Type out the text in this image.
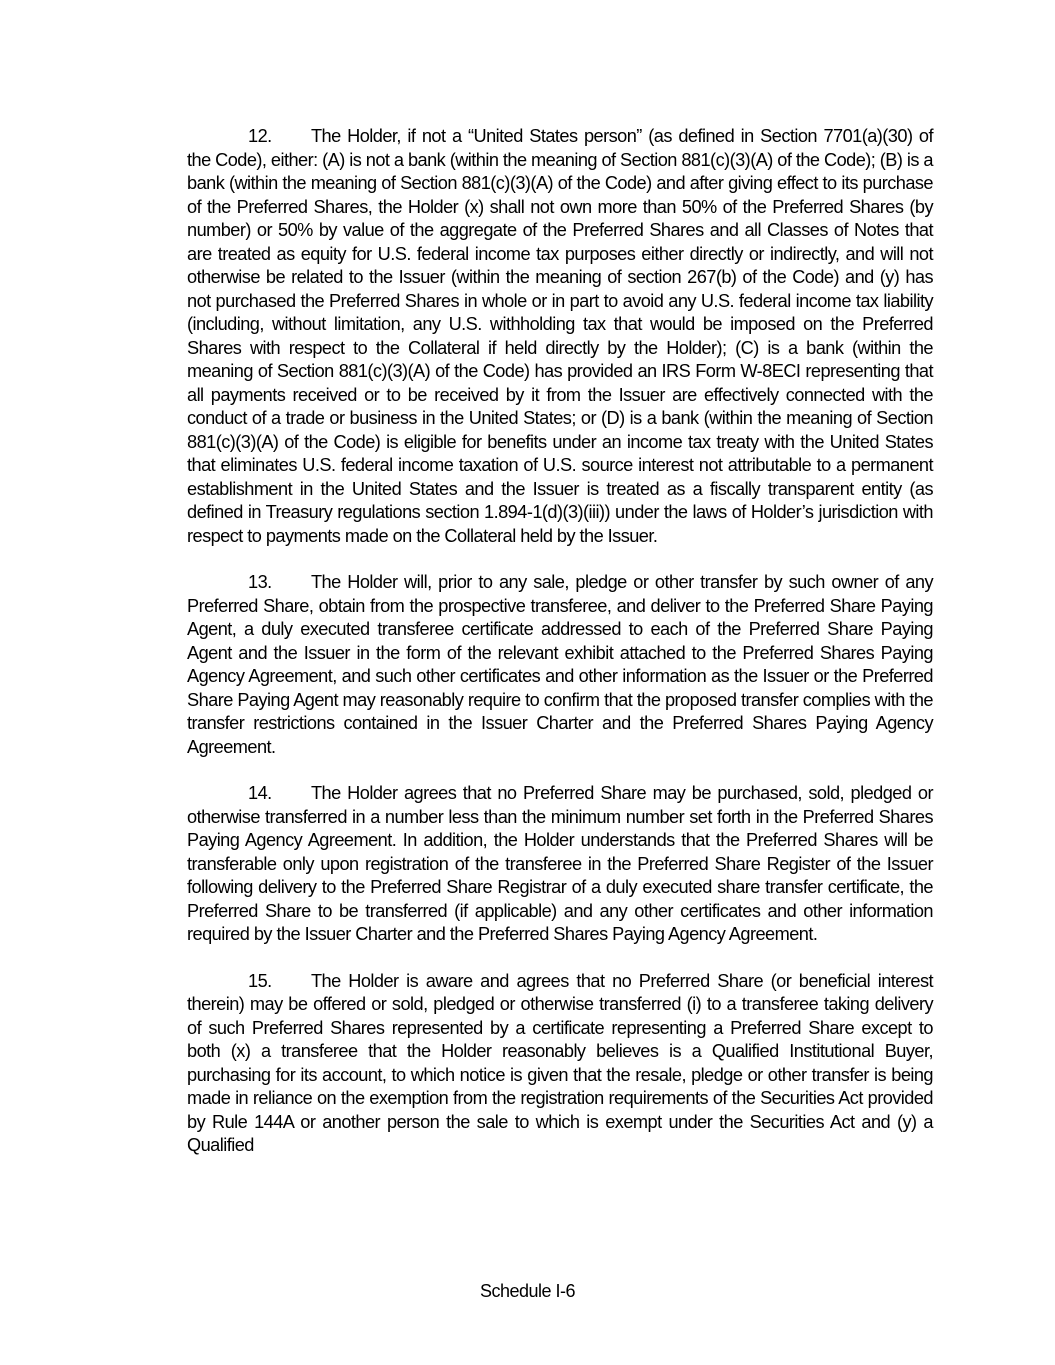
12. The Holder, if not a “United States person” (as defined in Section 7701(a)(30) of the Code), either: (A) is not a bank (within the meaning of Section 881(c)(3)(A) of the Code); (B) is a bank (within the meaning of Section 881(c)(3)(A) of the Code) and after giving effect to its purchase of the Preferred Shares, the Holder (x) shall not own more than 50% of the Preferred Shares (by number) or 50% by value of the aggregate of the Preferred Shares and all Classes of Notes that are treated as equity for U.S. federal income tax purposes either directly or indirectly, and will not otherwise be related to the Issuer (within the meaning of section 267(b) of the Code) and (y) has not purchased the Preferred Shares in whole or in part to avoid any U.S. federal income tax liability (including, without limitation, any U.S. withholding tax that would be imposed on the Preferred Shares with respect to the Collateral if held directly by the Holder); (C) is a bank (within the meaning of Section 881(c)(3)(A) of the Code) has provided an IRS Form W-8ECI representing that all payments received or to be received by it from the Issuer are effectively connected with the conduct of a trade or business in the United States; or (D) is a bank (within the meaning of Section 881(c)(3)(A) of the Code) is eligible for benefits under an income tax treaty with the United States that eliminates U.S. federal income taxation of U.S. source interest not attributable to a permanent establishment in the United States and the Issuer is treated as a fiscally transparent entity (as defined in Treasury regulations section 1.894-1(d)(3)(iii)) under the laws of Holder’s jurisdiction with respect to payments made on the Collateral held by the Issuer.

13. The Holder will, prior to any sale, pledge or other transfer by such owner of any Preferred Share, obtain from the prospective transferee, and deliver to the Preferred Share Paying Agent, a duly executed transferee certificate addressed to each of the Preferred Share Paying Agent and the Issuer in the form of the relevant exhibit attached to the Preferred Shares Paying Agency Agreement, and such other certificates and other information as the Issuer or the Preferred Share Paying Agent may reasonably require to confirm that the proposed transfer complies with the transfer restrictions contained in the Issuer Charter and the Preferred Shares Paying Agency Agreement.

14. The Holder agrees that no Preferred Share may be purchased, sold, pledged or otherwise transferred in a number less than the minimum number set forth in the Preferred Shares Paying Agency Agreement. In addition, the Holder understands that the Preferred Shares will be transferable only upon registration of the transferee in the Preferred Share Register of the Issuer following delivery to the Preferred Share Registrar of a duly executed share transfer certificate, the Preferred Share to be transferred (if applicable) and any other certificates and other information required by the Issuer Charter and the Preferred Shares Paying Agency Agreement.

15. The Holder is aware and agrees that no Preferred Share (or beneficial interest therein) may be offered or sold, pledged or otherwise transferred (i) to a transferee taking delivery of such Preferred Shares represented by a certificate representing a Preferred Share except to both (x) a transferee that the Holder reasonably believes is a Qualified Institutional Buyer, purchasing for its account, to which notice is given that the resale, pledge or other transfer is being made in reliance on the exemption from the registration requirements of the Securities Act provided by Rule 144A or another person the sale to which is exempt under the Securities Act and (y) a Qualified

Schedule I-6
